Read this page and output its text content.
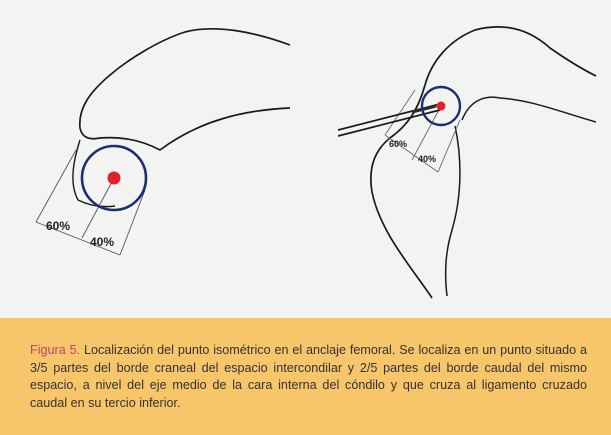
60%
40%
60%
40%

Figura 5. Localización del punto isométrico en el anclaje femoral. Se localiza en un punto situado a 3/5 partes del borde craneal del espacio intercondilar y 2/5 partes del borde caudal del mismo espacio, a nivel del eje medio de la cara interna del cóndilo y que cruza al ligamento cruzado caudal en su tercio inferior.
